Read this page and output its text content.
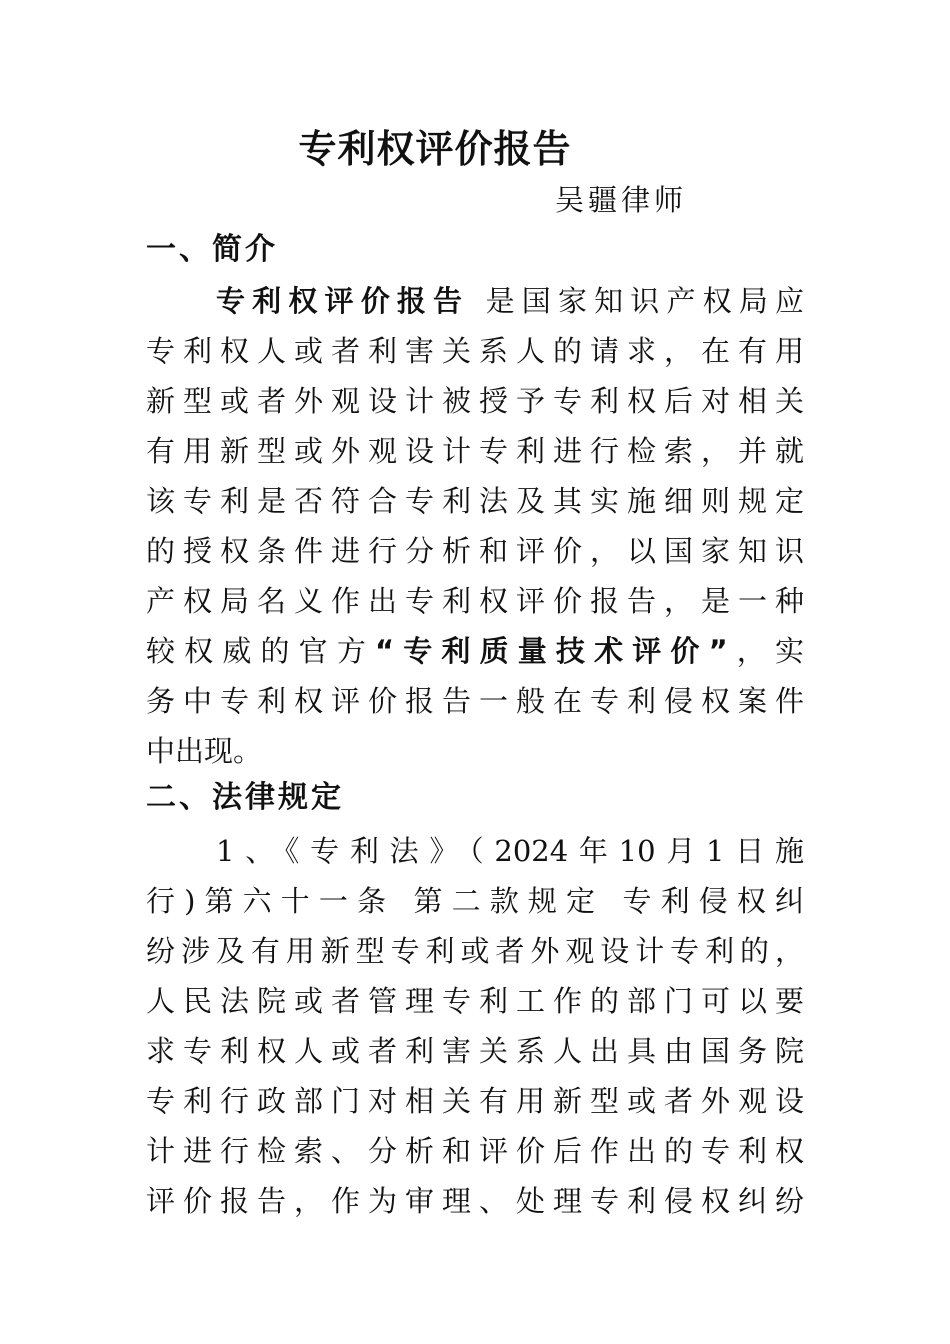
专利权评价报告
吴疆律师
一、简介
专利权评价报告 是国家知识产权局应
专利权人或者利害关系人的请求，在有用
新型或者外观设计被授予专利权后对相关
有用新型或外观设计专利进行检索，并就
该专利是否符合专利法及其实施细则规定
的授权条件进行分析和评价，以国家知识
产权局名义作出专利权评价报告，是一种
较权威的官方“专利质量技术评价”，实
务中专利权评价报告一般在专利侵权案件
中出现。
二、法律规定
1、《专利法》（2024年10月1日施
行)第六十一条 第二款规定 专利侵权纠
纷涉及有用新型专利或者外观设计专利的，
人民法院或者管理专利工作的部门可以要
求专利权人或者利害关系人出具由国务院
专利行政部门对相关有用新型或者外观设
计进行检索、分析和评价后作出的专利权
评价报告，作为审理、处理专利侵权纠纷
